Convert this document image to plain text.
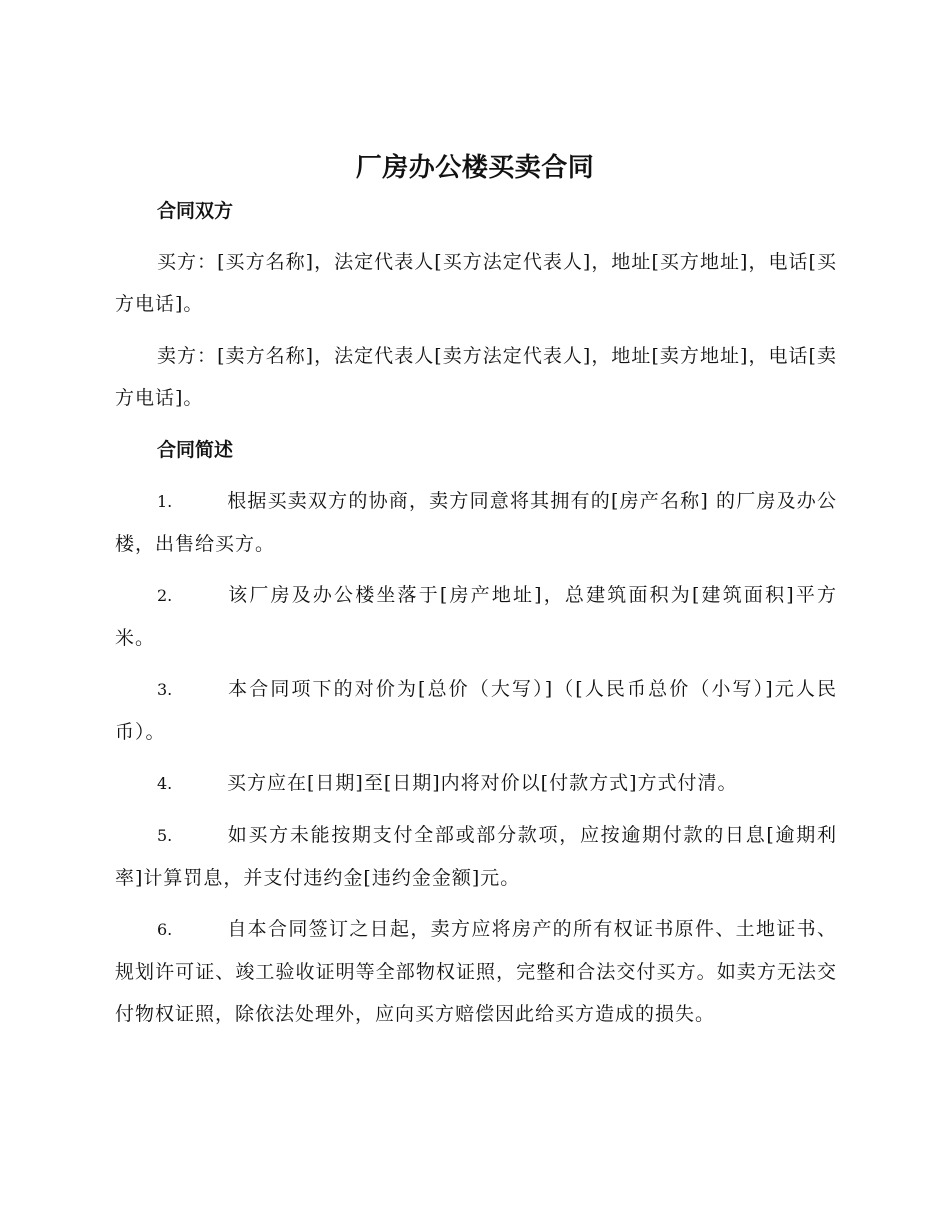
厂房办公楼买卖合同
合同双方
买方：[买方名称]，法定代表人[买方法定代表人]，地址[买方地址]，电话[买方电话]。
卖方：[卖方名称]，法定代表人[卖方法定代表人]，地址[卖方地址]，电话[卖方电话]。
合同简述
1.	根据买卖双方的协商，卖方同意将其拥有的[房产名称] 的厂房及办公楼，出售给买方。
2.	该厂房及办公楼坐落于[房产地址]，总建筑面积为[建筑面积]平方米。
3.	本合同项下的对价为[总价（大写）]（[人民币总价（小写）]元人民币）。
4.	买方应在[日期]至[日期]内将对价以[付款方式]方式付清。
5.	如买方未能按期支付全部或部分款项，应按逾期付款的日息[逾期利率]计算罚息，并支付违约金[违约金金额]元。
6.	自本合同签订之日起，卖方应将房产的所有权证书原件、土地证书、规划许可证、竣工验收证明等全部物权证照，完整和合法交付买方。如卖方无法交付物权证照，除依法处理外，应向买方赔偿因此给买方造成的损失。
